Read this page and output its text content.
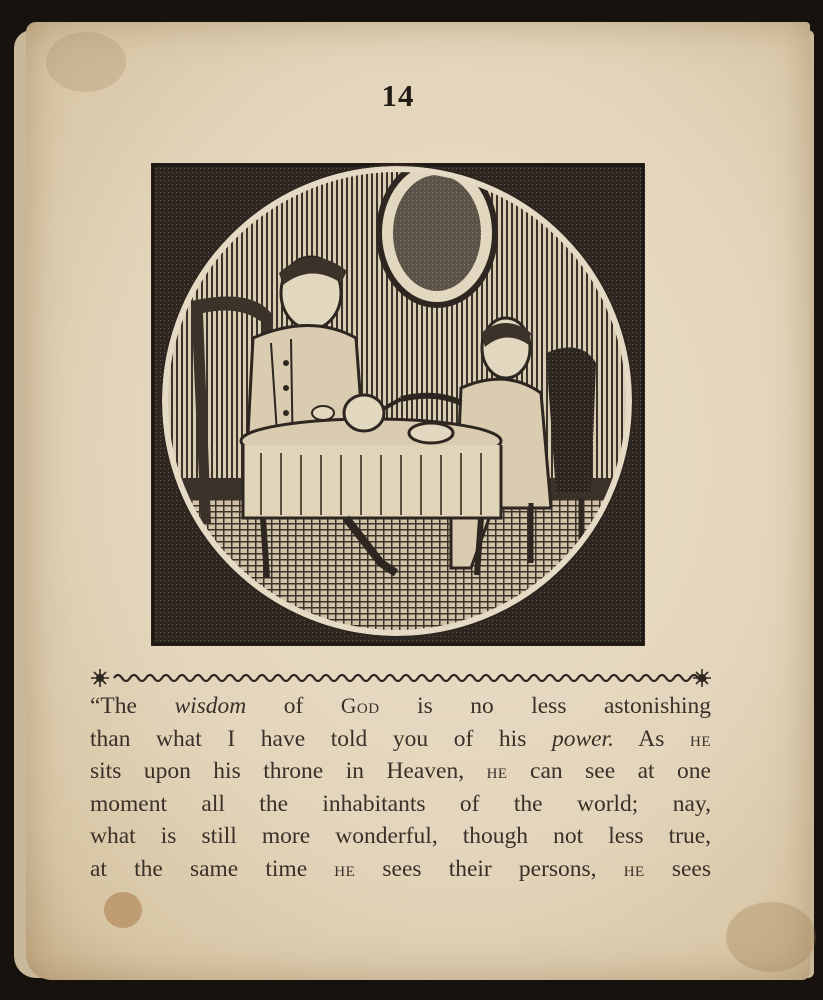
14
“The wisdom of God is no less astonishing
than what I have told you of his power. As he
sits upon his throne in Heaven, he can see at one
moment all the inhabitants of the world; nay,
what is still more wonderful, though not less true,
at the same time he sees their persons, he sees
